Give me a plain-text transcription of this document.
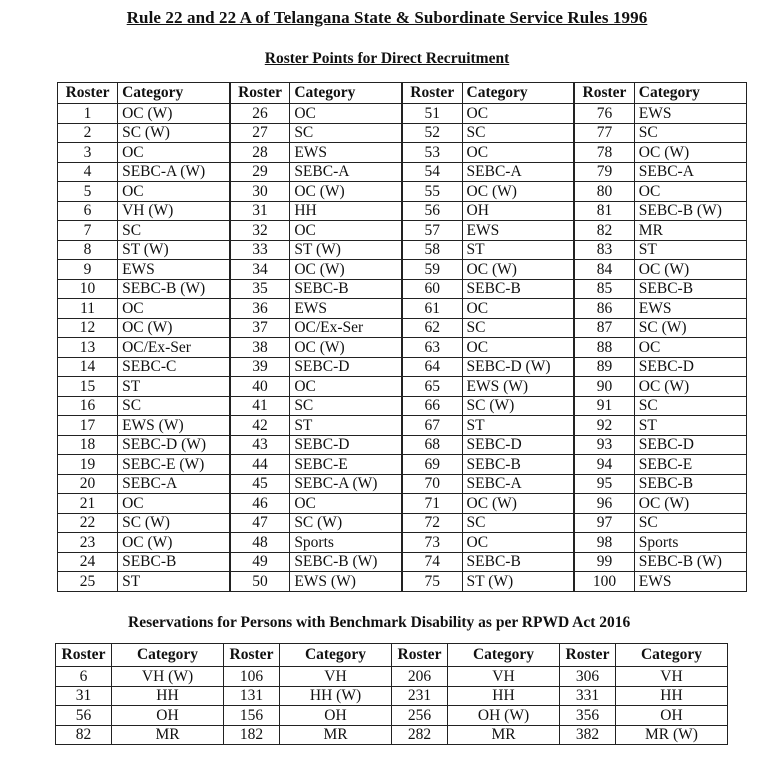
Rule 22 and 22 A of Telangana State & Subordinate Service Rules 1996
Roster Points for Direct Recruitment
Roster	Category	Roster	Category	Roster	Category	Roster	Category
1	OC (W)	26	OC	51	OC	76	EWS
2	SC (W)	27	SC	52	SC	77	SC
3	OC	28	EWS	53	OC	78	OC (W)
4	SEBC-A (W)	29	SEBC-A	54	SEBC-A	79	SEBC-A
5	OC	30	OC (W)	55	OC (W)	80	OC
6	VH (W)	31	HH	56	OH	81	SEBC-B (W)
7	SC	32	OC	57	EWS	82	MR
8	ST (W)	33	ST (W)	58	ST	83	ST
9	EWS	34	OC (W)	59	OC (W)	84	OC (W)
10	SEBC-B (W)	35	SEBC-B	60	SEBC-B	85	SEBC-B
11	OC	36	EWS	61	OC	86	EWS
12	OC (W)	37	OC/Ex-Ser	62	SC	87	SC (W)
13	OC/Ex-Ser	38	OC (W)	63	OC	88	OC
14	SEBC-C	39	SEBC-D	64	SEBC-D (W)	89	SEBC-D
15	ST	40	OC	65	EWS (W)	90	OC (W)
16	SC	41	SC	66	SC (W)	91	SC
17	EWS (W)	42	ST	67	ST	92	ST
18	SEBC-D (W)	43	SEBC-D	68	SEBC-D	93	SEBC-D
19	SEBC-E (W)	44	SEBC-E	69	SEBC-B	94	SEBC-E
20	SEBC-A	45	SEBC-A (W)	70	SEBC-A	95	SEBC-B
21	OC	46	OC	71	OC (W)	96	OC (W)
22	SC (W)	47	SC (W)	72	SC	97	SC
23	OC (W)	48	Sports	73	OC	98	Sports
24	SEBC-B	49	SEBC-B (W)	74	SEBC-B	99	SEBC-B (W)
25	ST	50	EWS (W)	75	ST (W)	100	EWS
Reservations for Persons with Benchmark Disability as per RPWD Act 2016
Roster	Category	Roster	Category	Roster	Category	Roster	Category
6	VH (W)	106	VH	206	VH	306	VH
31	HH	131	HH (W)	231	HH	331	HH
56	OH	156	OH	256	OH (W)	356	OH
82	MR	182	MR	282	MR	382	MR (W)
